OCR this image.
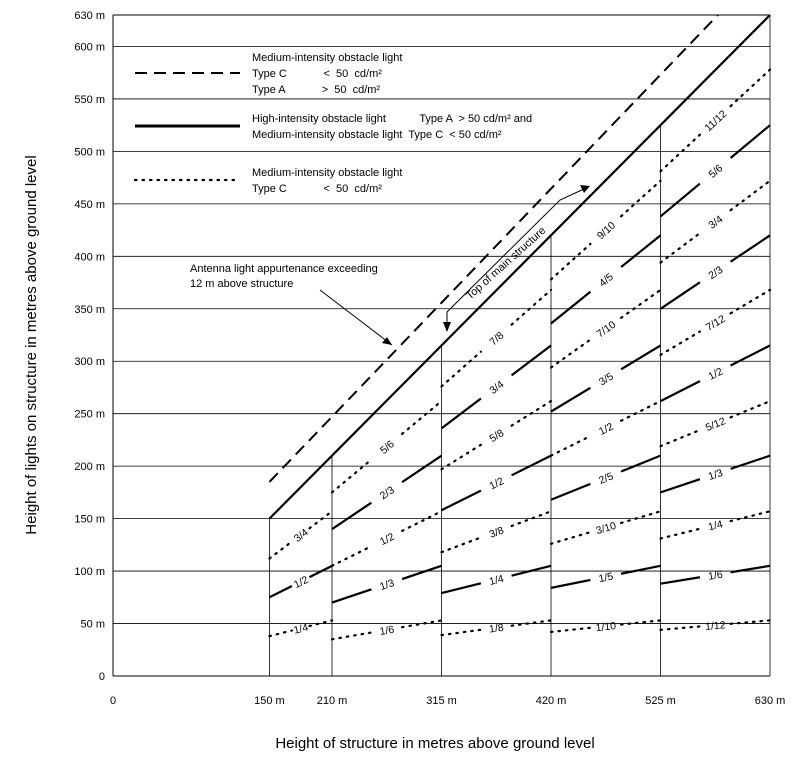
0	150 m	210 m	315 m	420 m	525 m	630 m
0
50 m
100 m
150 m
200 m
250 m
300 m
350 m
400 m
450 m
500 m
550 m
600 m
630 m
1/2
3/4
1/4
2/3
1/3
5/6
1/2
1/6
3/4
1/2
1/4
7/8
5/8
3/8
1/8
4/5
3/5
2/5
1/5
9/10
7/10
1/2
3/10
1/10
5/6
2/3
1/2
1/3
1/6
11/12
3/4
7/12
5/12
1/4
1/12
Medium-intensity obstacle light
Type C            <  50  cd/m²
Type A            >  50  cd/m²
High-intensity obstacle light           Type A  > 50 cd/m² and
Medium-intensity obstacle light  Type C  < 50 cd/m²
Medium-intensity obstacle light
Type C            <  50  cd/m²
Antenna light appurtenance exceeding
12 m above structure	Top of main structure
Height of structure in metres above ground level
Height of lights on structure in metres above ground level
